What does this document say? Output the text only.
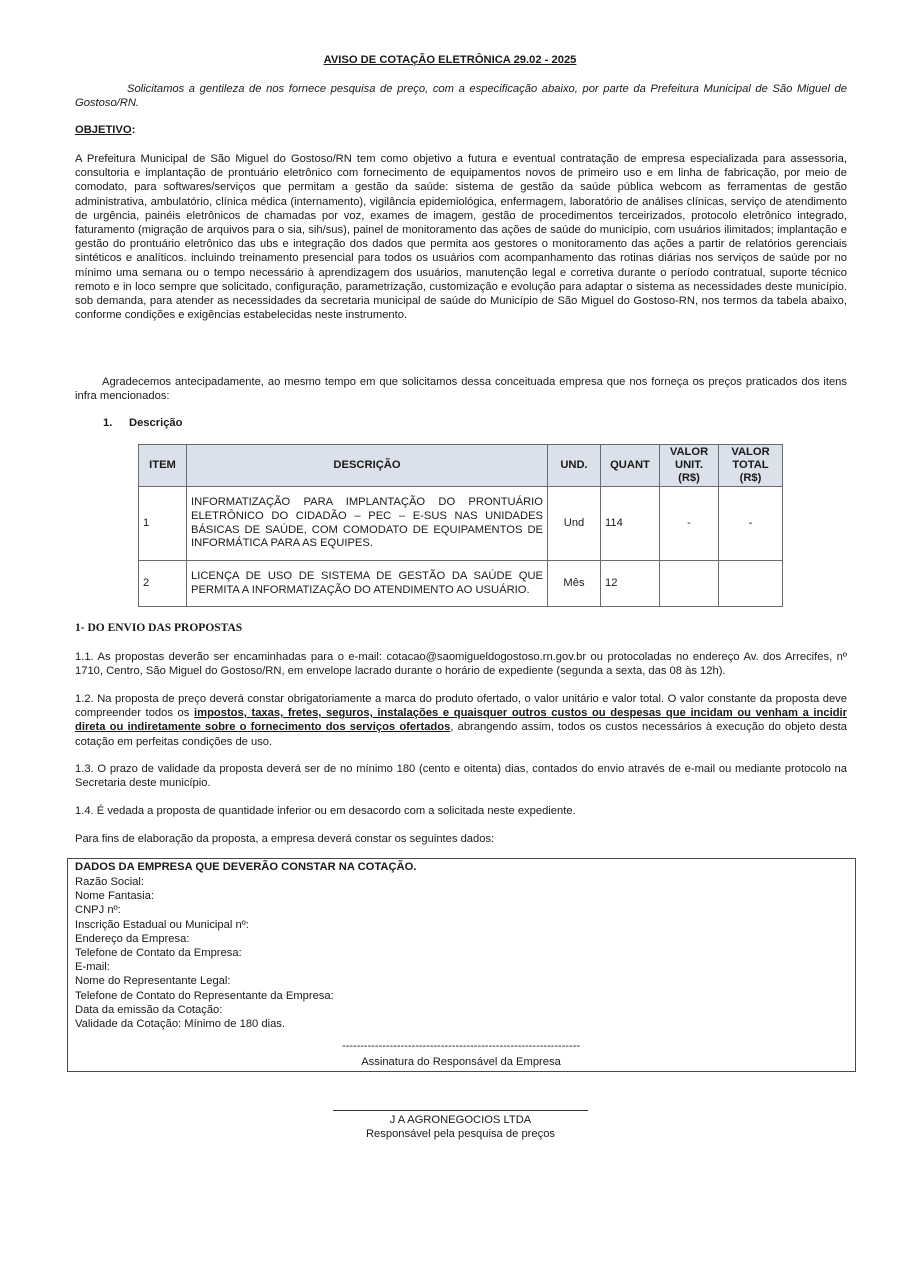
AVISO DE COTAÇÃO ELETRÔNICA 29.02 - 2025
Solicitamos a gentileza de nos fornece pesquisa de preço, com a especificação abaixo, por parte da Prefeitura Municipal de São Miguel de Gostoso/RN.
OBJETIVO:
A Prefeitura Municipal de São Miguel do Gostoso/RN tem como objetivo a futura e eventual contratação de empresa especializada para assessoria, consultoria e implantação de prontuário eletrônico com fornecimento de equipamentos novos de primeiro uso e em linha de fabricação, por meio de comodato, para softwares/serviços que permitam a gestão da saúde: sistema de gestão da saúde pública webcom as ferramentas de gestão administrativa, ambulatório, clínica médica (internamento), vigilância epidemiológica, enfermagem, laboratório de análises clínicas, serviço de atendimento de urgência, painéis eletrônicos de chamadas por voz, exames de imagem, gestão de procedimentos terceirizados, protocolo eletrônico integrado, faturamento (migração de arquivos para o sia, sih/sus), painel de monitoramento das ações de saúde do município, com usuários ilimitados; implantação e gestão do prontuário eletrônico das ubs e integração dos dados que permita aos gestores o monitoramento das ações a partir de relatórios gerenciais sintéticos e analíticos. incluindo treinamento presencial para todos os usuários com acompanhamento das rotinas diárias nos serviços de saúde por no mínimo uma semana ou o tempo necessário à aprendizagem dos usuários, manutenção legal e corretiva durante o período contratual, suporte técnico remoto e in loco sempre que solicitado, configuração, parametrização, customização e evolução para adaptar o sistema as necessidades deste município. sob demanda, para atender as necessidades da secretaria municipal de saúde do Município de São Miguel do Gostoso-RN, nos termos da tabela abaixo, conforme condições e exigências estabelecidas neste instrumento.
Agradecemos antecipadamente, ao mesmo tempo em que solicitamos dessa conceituada empresa que nos forneça os preços praticados dos itens infra mencionados:
1. Descrição
ITEM	DESCRIÇÃO	UND.	QUANT	VALOR
UNIT.
(R$)	VALOR
TOTAL
(R$)
1	INFORMATIZAÇÃO PARA IMPLANTAÇÃO DO PRONTUÁRIO ELETRÔNICO DO CIDADÃO – PEC – E-SUS NAS UNIDADES BÁSICAS DE SAÚDE, COM COMODATO DE EQUIPAMENTOS DE INFORMÁTICA PARA AS EQUIPES.	Und	114	-	-
2	LICENÇA DE USO DE SISTEMA DE GESTÃO DA SAÚDE QUE PERMITA A INFORMATIZAÇÃO DO ATENDIMENTO AO USUÁRIO.	Mês	12		
1- DO ENVIO DAS PROPOSTAS
1.1. As propostas deverão ser encaminhadas para o e-mail: cotacao@saomigueldogostoso.rn.gov.br ou protocoladas no endereço Av. dos Arrecifes, nº 1710, Centro, São Miguel do Gostoso/RN, em envelope lacrado durante o horário de expediente (segunda a sexta, das 08 às 12h).
1.2. Na proposta de preço deverá constar obrigatoriamente a marca do produto ofertado, o valor unitário e valor total. O valor constante da proposta deve compreender todos os impostos, taxas, fretes, seguros, instalações e quaisquer outros custos ou despesas que incidam ou venham a incidir direta ou indiretamente sobre o fornecimento dos serviços ofertados, abrangendo assim, todos os custos necessários à execução do objeto desta cotação em perfeitas condições de uso.
1.3. O prazo de validade da proposta deverá ser de no mínimo 180 (cento e oitenta) dias, contados do envio através de e-mail ou mediante protocolo na Secretaria deste município.
1.4. É vedada a proposta de quantidade inferior ou em desacordo com a solicitada neste expediente.
Para fins de elaboração da proposta, a empresa deverá constar os seguintes dados:
DADOS DA EMPRESA QUE DEVERÃO CONSTAR NA COTAÇÃO.
Razão Social:
Nome Fantasia:
CNPJ nº:
Inscrição Estadual ou Municipal nº:
Endereço da Empresa:
Telefone de Contato da Empresa:
E-mail:
Nome do Representante Legal:
Telefone de Contato do Representante da Empresa:
Data da emissão da Cotação:
Validade da Cotação: Mínimo de 180 dias.
-----------------------------------------------------------------
Assinatura do Responsável da Empresa
J A AGRONEGOCIOS LTDA
Responsável pela pesquisa de preços
